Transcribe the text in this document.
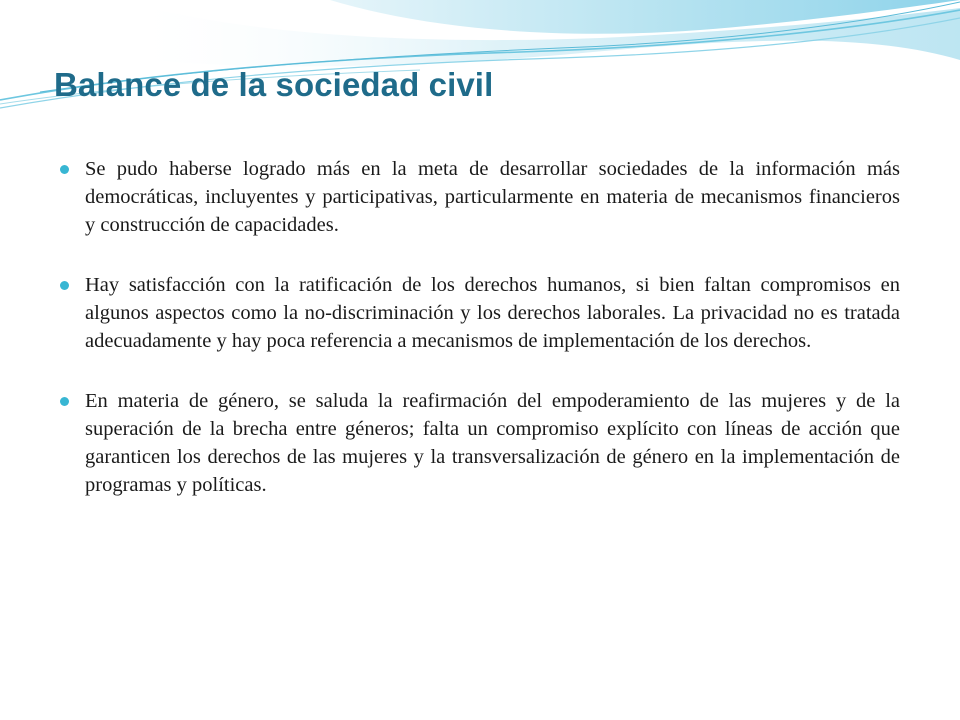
Balance de la sociedad civil
Se pudo haberse logrado más en la meta de desarrollar sociedades de la información más democráticas, incluyentes y participativas, particularmente en materia de mecanismos financieros y construcción de capacidades.
Hay satisfacción con la ratificación de los derechos humanos, si bien faltan compromisos en algunos aspectos como la no-discriminación y los derechos laborales. La privacidad no es tratada adecuadamente y hay poca referencia a mecanismos de implementación de los derechos.
En materia de género, se saluda la reafirmación del empoderamiento de las mujeres y de la superación de la brecha entre géneros; falta un compromiso explícito con líneas de acción que garanticen los derechos de las mujeres y la transversalización de género en la implementación de programas y políticas.
